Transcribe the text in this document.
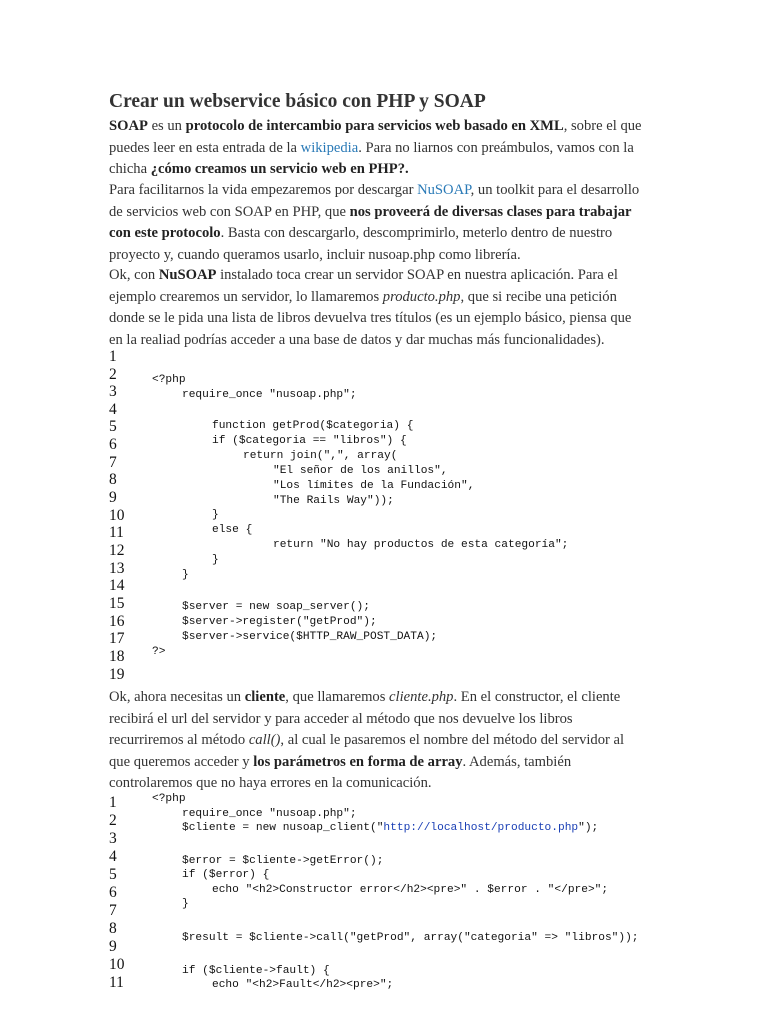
Crear un webservice básico con PHP y SOAP
SOAP es un protocolo de intercambio para servicios web basado en XML, sobre el que
puedes leer en esta entrada de la wikipedia. Para no liarnos con preámbulos, vamos con la
chicha ¿cómo creamos un servicio web en PHP?.
Para facilitarnos la vida empezaremos por descargar NuSOAP, un toolkit para el desarrollo
de servicios web con SOAP en PHP, que nos proveerá de diversas clases para trabajar
con este protocolo. Basta con descargarlo, descomprimirlo, meterlo dentro de nuestro
proyecto y, cuando queramos usarlo, incluir nusoap.php como librería.
Ok, con NuSOAP instalado toca crear un servidor SOAP en nuestra aplicación. Para el
ejemplo crearemos un servidor, lo llamaremos producto.php, que si recibe una petición
donde se le pida una lista de libros devuelva tres títulos (es un ejemplo básico, piensa que
en la realiad podrías acceder a una base de datos y dar muchas más funcionalidades).
1
2
3
4
5
6
7
8
9
10
11
12
13
14
15
16
17
18
19
<?php
require_once "nusoap.php";
function getProd($categoria) {
if ($categoria == "libros") {
return join(",", array(
"El señor de los anillos",
"Los límites de la Fundación",
"The Rails Way"));
}
else {
return "No hay productos de esta categoría";
}
}
$server = new soap_server();
$server->register("getProd");
$server->service($HTTP_RAW_POST_DATA);
?>
Ok, ahora necesitas un cliente, que llamaremos cliente.php. En el constructor, el cliente
recibirá el url del servidor y para acceder al método que nos devuelve los libros
recurriremos al método call(), al cual le pasaremos el nombre del método del servidor al
que queremos acceder y los parámetros en forma de array. Además, también
controlaremos que no haya errores en la comunicación.
1
2
3
4
5
6
7
8
9
10
11
<?php
require_once "nusoap.php";
$cliente = new nusoap_client("http://localhost/producto.php");
$error = $cliente->getError();
if ($error) {
echo "<h2>Constructor error</h2><pre>" . $error . "</pre>";
}
$result = $cliente->call("getProd", array("categoria" => "libros"));
if ($cliente->fault) {
echo "<h2>Fault</h2><pre>";
